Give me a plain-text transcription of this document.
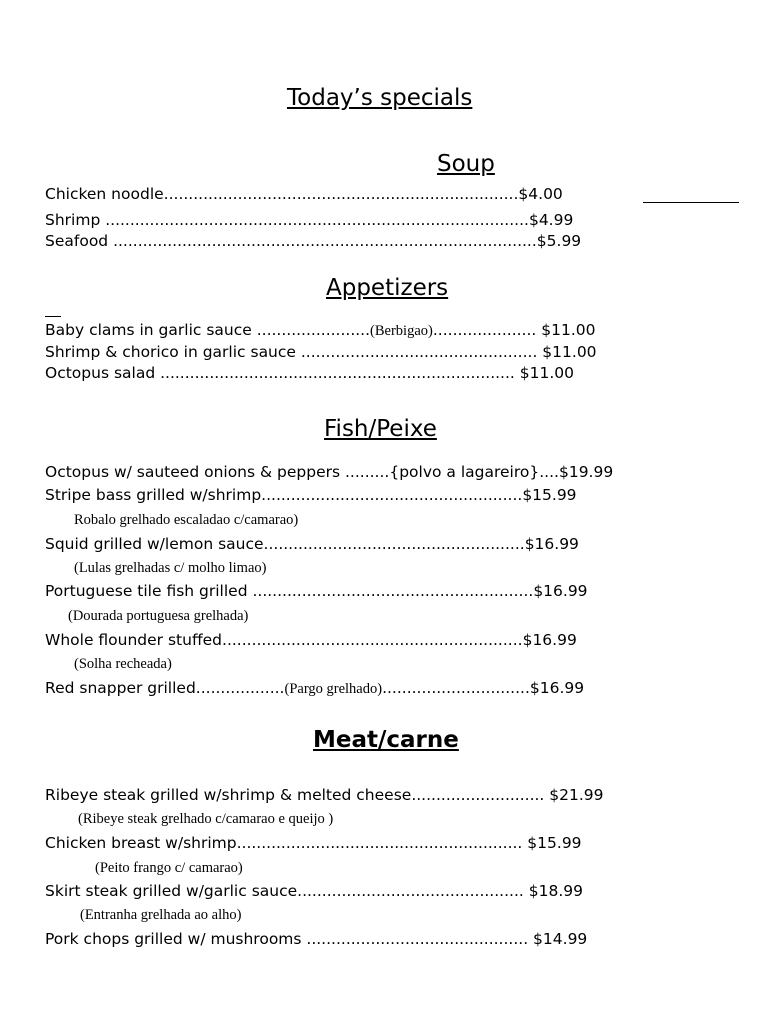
Today’s specials
Soup
Chicken noodle........................................................................$4.00
Shrimp ......................................................................................$4.99
Seafood ......................................................................................$5.99
Appetizers
Baby clams in garlic sauce .......................(Berbigao)..................... $11.00
Shrimp & chorico in garlic sauce ................................................ $11.00
Octopus salad ........................................................................ $11.00
Fish/Peixe
Octopus w/ sauteed onions & peppers .........{polvo a lagareiro}....$19.99
Stripe bass grilled w/shrimp.....................................................$15.99
Robalo grelhado escaladao c/camarao)
Squid grilled w/lemon sauce.....................................................$16.99
(Lulas grelhadas c/ molho limao)
Portuguese tile fish grilled .........................................................$16.99
(Dourada portuguesa grelhada)
Whole flounder stuffed.............................................................$16.99
(Solha recheada)
Red snapper grilled..................(Pargo grelhado)..............................$16.99
Meat/carne
Ribeye steak grilled w/shrimp & melted cheese........................... $21.99
(Ribeye steak grelhado c/camarao e queijo )
Chicken breast w/shrimp.......................................................... $15.99
(Peito frango c/ camarao)
Skirt steak grilled w/garlic sauce.............................................. $18.99
(Entranha grelhada ao alho)
Pork chops grilled w/ mushrooms ............................................. $14.99
